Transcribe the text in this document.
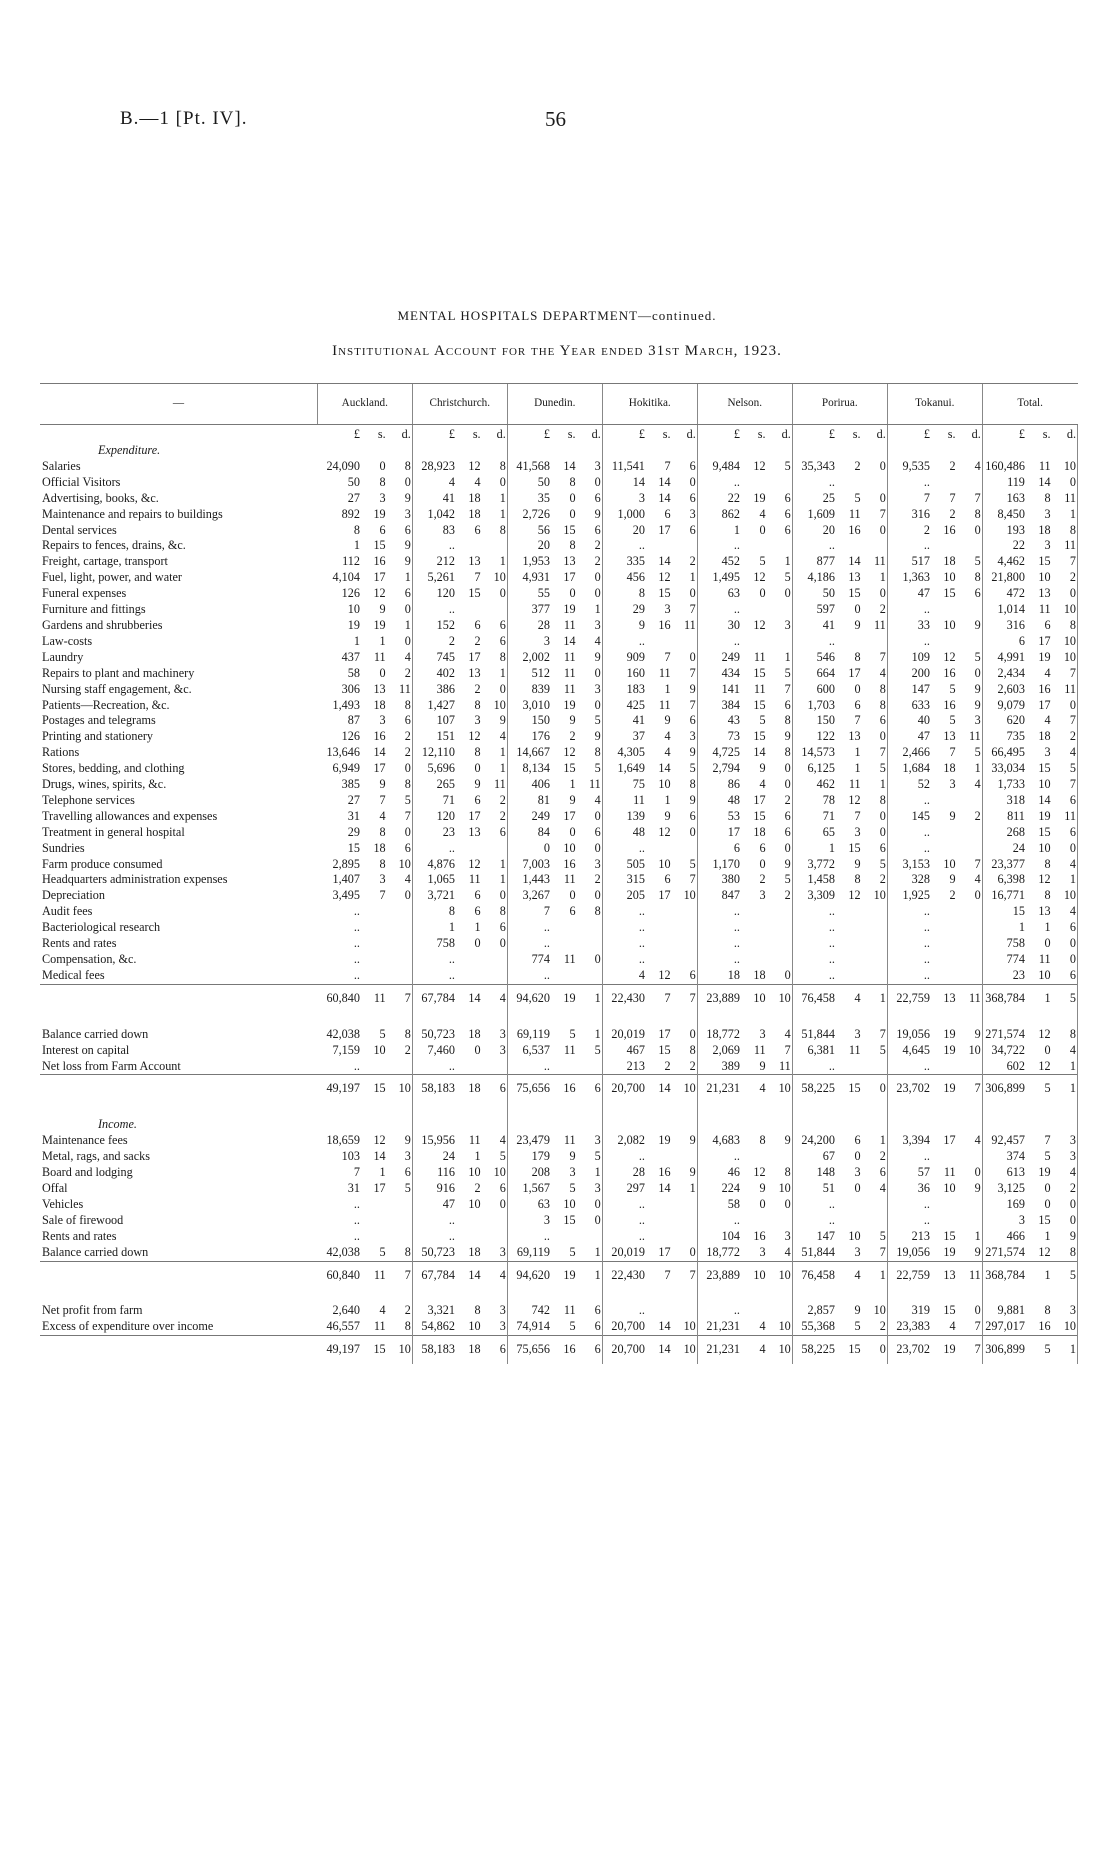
B.—1 [Pt. IV].	56
MENTAL HOSPITALS DEPARTMENT—continued.
Institutional Account for the Year ended 31st March, 1923.
—	Auckland.			Christchurch.			Dunedin.			Hokitika.			Nelson.			Porirua.			Tokanui.			Total.		
	£	s.	d.	£	s.	d.	£	s.	d.	£	s.	d.	£	s.	d.	£	s.	d.	£	s.	d.	£	s.	d.
Expenditure.																								
Salaries	24,090	0	8	28,923	12	8	41,568	14	3	11,541	7	6	9,484	12	5	35,343	2	0	9,535	2	4	160,486	11	10
Official Visitors	50	8	0	4	4	0	50	8	0	14	14	0	..			..			..			119	14	0
Advertising, books, &c.	27	3	9	41	18	1	35	0	6	3	14	6	22	19	6	25	5	0	7	7	7	163	8	11
Maintenance and repairs to buildings	892	19	3	1,042	18	1	2,726	0	9	1,000	6	3	862	4	6	1,609	11	7	316	2	8	8,450	3	1
Dental services	8	6	6	83	6	8	56	15	6	20	17	6	1	0	6	20	16	0	2	16	0	193	18	8
Repairs to fences, drains, &c.	1	15	9	..			20	8	2	..			..			..			..			22	3	11
Freight, cartage, transport	112	16	9	212	13	1	1,953	13	2	335	14	2	452	5	1	877	14	11	517	18	5	4,462	15	7
Fuel, light, power, and water	4,104	17	1	5,261	7	10	4,931	17	0	456	12	1	1,495	12	5	4,186	13	1	1,363	10	8	21,800	10	2
Funeral expenses	126	12	6	120	15	0	55	0	0	8	15	0	63	0	0	50	15	0	47	15	6	472	13	0
Furniture and fittings	10	9	0	..			377	19	1	29	3	7	..			597	0	2	..			1,014	11	10
Gardens and shrubberies	19	19	1	152	6	6	28	11	3	9	16	11	30	12	3	41	9	11	33	10	9	316	6	8
Law-costs	1	1	0	2	2	6	3	14	4	..			..			..			..			6	17	10
Laundry	437	11	4	745	17	8	2,002	11	9	909	7	0	249	11	1	546	8	7	109	12	5	4,991	19	10
Repairs to plant and machinery	58	0	2	402	13	1	512	11	0	160	11	7	434	15	5	664	17	4	200	16	0	2,434	4	7
Nursing staff engagement, &c.	306	13	11	386	2	0	839	11	3	183	1	9	141	11	7	600	0	8	147	5	9	2,603	16	11
Patients—Recreation, &c.	1,493	18	8	1,427	8	10	3,010	19	0	425	11	7	384	15	6	1,703	6	8	633	16	9	9,079	17	0
Postages and telegrams	87	3	6	107	3	9	150	9	5	41	9	6	43	5	8	150	7	6	40	5	3	620	4	7
Printing and stationery	126	16	2	151	12	4	176	2	9	37	4	3	73	15	9	122	13	0	47	13	11	735	18	2
Rations	13,646	14	2	12,110	8	1	14,667	12	8	4,305	4	9	4,725	14	8	14,573	1	7	2,466	7	5	66,495	3	4
Stores, bedding, and clothing	6,949	17	0	5,696	0	1	8,134	15	5	1,649	14	5	2,794	9	0	6,125	1	5	1,684	18	1	33,034	15	5
Drugs, wines, spirits, &c.	385	9	8	265	9	11	406	1	11	75	10	8	86	4	0	462	11	1	52	3	4	1,733	10	7
Telephone services	27	7	5	71	6	2	81	9	4	11	1	9	48	17	2	78	12	8	..			318	14	6
Travelling allowances and expenses	31	4	7	120	17	2	249	17	0	139	9	6	53	15	6	71	7	0	145	9	2	811	19	11
Treatment in general hospital	29	8	0	23	13	6	84	0	6	48	12	0	17	18	6	65	3	0	..			268	15	6
Sundries	15	18	6	..			0	10	0	..			6	6	0	1	15	6	..			24	10	0
Farm produce consumed	2,895	8	10	4,876	12	1	7,003	16	3	505	10	5	1,170	0	9	3,772	9	5	3,153	10	7	23,377	8	4
Headquarters administration expenses	1,407	3	4	1,065	11	1	1,443	11	2	315	6	7	380	2	5	1,458	8	2	328	9	4	6,398	12	1
Depreciation	3,495	7	0	3,721	6	0	3,267	0	0	205	17	10	847	3	2	3,309	12	10	1,925	2	0	16,771	8	10
Audit fees	..			8	6	8	7	6	8	..			..			..			..			15	13	4
Bacteriological research	..			1	1	6	..			..			..			..			..			1	1	6
Rents and rates	..			758	0	0	..			..			..			..			..			758	0	0
Compensation, &c.	..			..			774	11	0	..			..			..			..			774	11	0
Medical fees	..			..			..			4	12	6	18	18	0	..			..			23	10	6
	60,840	11	7	67,784	14	4	94,620	19	1	22,430	7	7	23,889	10	10	76,458	4	1	22,759	13	11	368,784	1	5

Balance carried down	42,038	5	8	50,723	18	3	69,119	5	1	20,019	17	0	18,772	3	4	51,844	3	7	19,056	19	9	271,574	12	8
Interest on capital	7,159	10	2	7,460	0	3	6,537	11	5	467	15	8	2,069	11	7	6,381	11	5	4,645	19	10	34,722	0	4
Net loss from Farm Account	..			..			..			213	2	2	389	9	11	..			..			602	12	1
	49,197	15	10	58,183	18	6	75,656	16	6	20,700	14	10	21,231	4	10	58,225	15	0	23,702	19	7	306,899	5	1

Income.																								
Maintenance fees	18,659	12	9	15,956	11	4	23,479	11	3	2,082	19	9	4,683	8	9	24,200	6	1	3,394	17	4	92,457	7	3
Metal, rags, and sacks	103	14	3	24	1	5	179	9	5	..			..			67	0	2	..			374	5	3
Board and lodging	7	1	6	116	10	10	208	3	1	28	16	9	46	12	8	148	3	6	57	11	0	613	19	4
Offal	31	17	5	916	2	6	1,567	5	3	297	14	1	224	9	10	51	0	4	36	10	9	3,125	0	2
Vehicles	..			47	10	0	63	10	0	..			58	0	0	..			..			169	0	0
Sale of firewood	..			..			3	15	0	..			..			..			..			3	15	0
Rents and rates	..			..			..			..			104	16	3	147	10	5	213	15	1	466	1	9
Balance carried down	42,038	5	8	50,723	18	3	69,119	5	1	20,019	17	0	18,772	3	4	51,844	3	7	19,056	19	9	271,574	12	8
	60,840	11	7	67,784	14	4	94,620	19	1	22,430	7	7	23,889	10	10	76,458	4	1	22,759	13	11	368,784	1	5

Net profit from farm	2,640	4	2	3,321	8	3	742	11	6	..			..			2,857	9	10	319	15	0	9,881	8	3
Excess of expenditure over income	46,557	11	8	54,862	10	3	74,914	5	6	20,700	14	10	21,231	4	10	55,368	5	2	23,383	4	7	297,017	16	10
	49,197	15	10	58,183	18	6	75,656	16	6	20,700	14	10	21,231	4	10	58,225	15	0	23,702	19	7	306,899	5	1
